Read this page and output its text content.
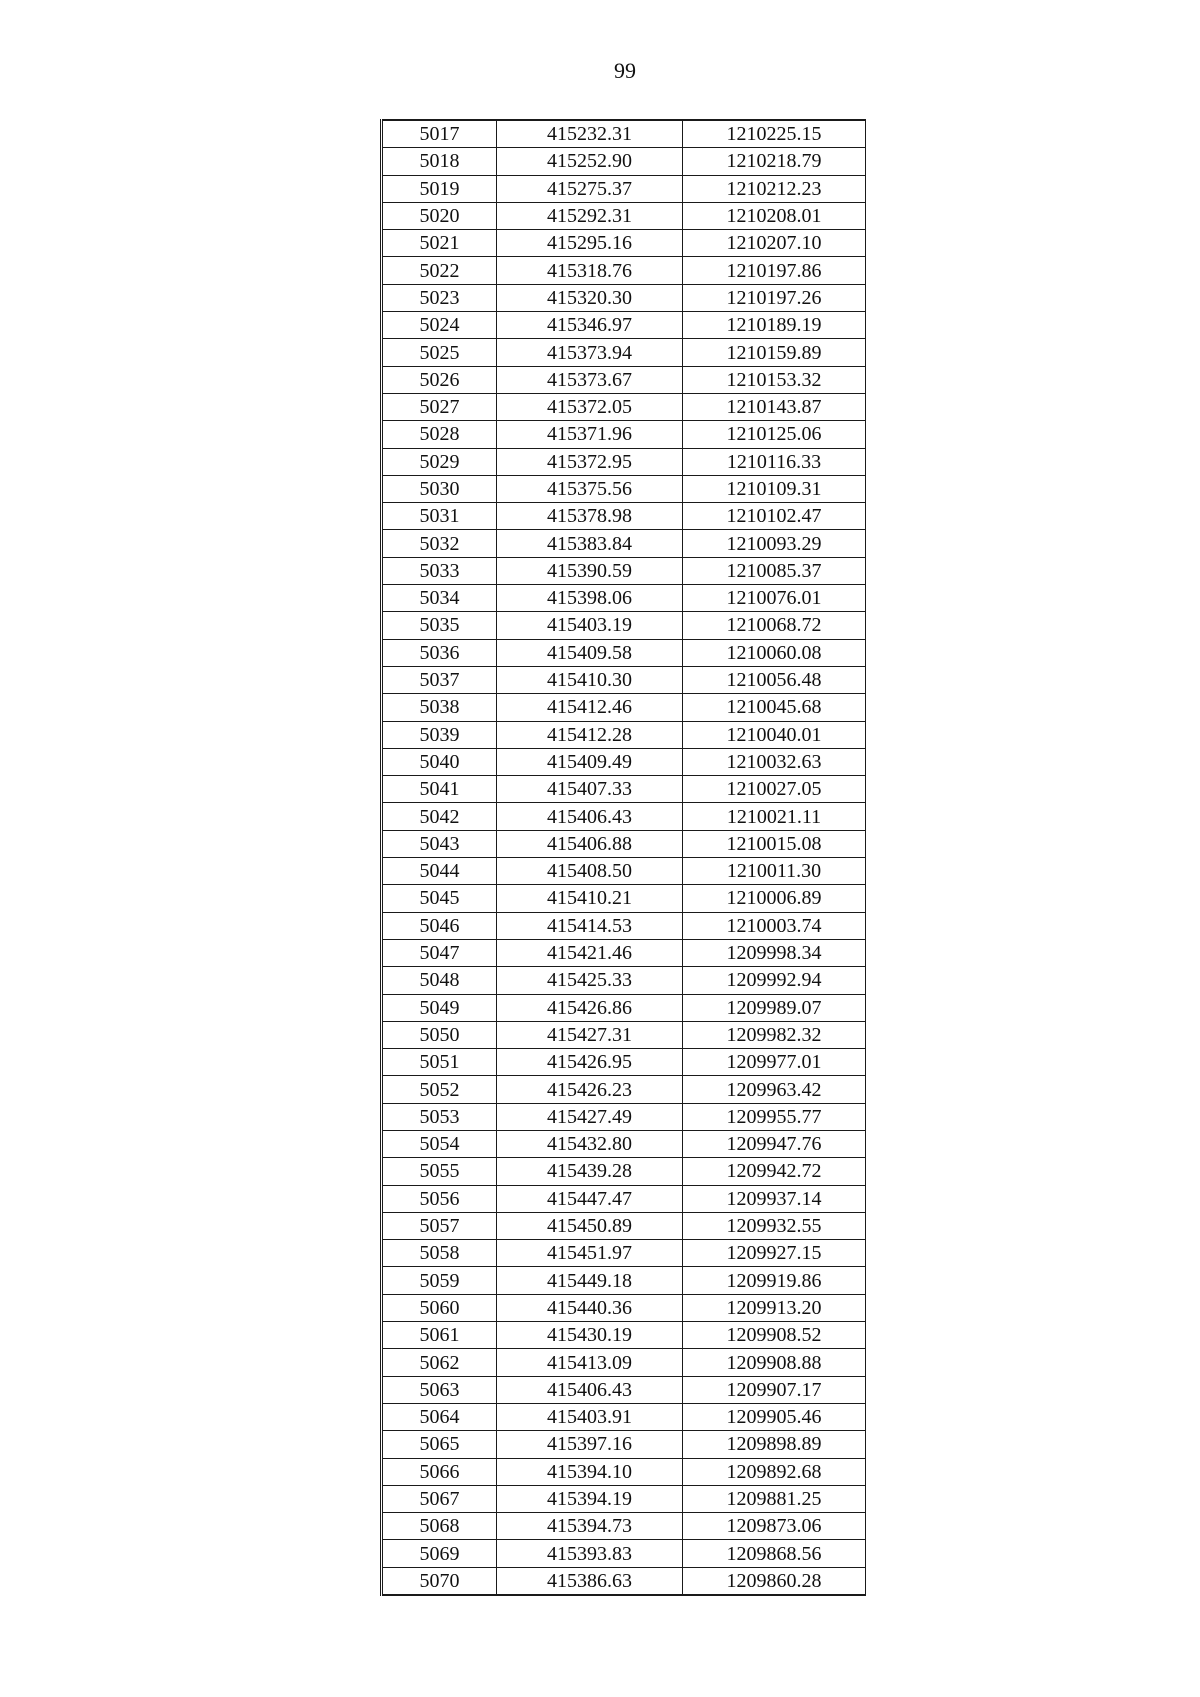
99
5017	415232.31	1210225.15
5018	415252.90	1210218.79
5019	415275.37	1210212.23
5020	415292.31	1210208.01
5021	415295.16	1210207.10
5022	415318.76	1210197.86
5023	415320.30	1210197.26
5024	415346.97	1210189.19
5025	415373.94	1210159.89
5026	415373.67	1210153.32
5027	415372.05	1210143.87
5028	415371.96	1210125.06
5029	415372.95	1210116.33
5030	415375.56	1210109.31
5031	415378.98	1210102.47
5032	415383.84	1210093.29
5033	415390.59	1210085.37
5034	415398.06	1210076.01
5035	415403.19	1210068.72
5036	415409.58	1210060.08
5037	415410.30	1210056.48
5038	415412.46	1210045.68
5039	415412.28	1210040.01
5040	415409.49	1210032.63
5041	415407.33	1210027.05
5042	415406.43	1210021.11
5043	415406.88	1210015.08
5044	415408.50	1210011.30
5045	415410.21	1210006.89
5046	415414.53	1210003.74
5047	415421.46	1209998.34
5048	415425.33	1209992.94
5049	415426.86	1209989.07
5050	415427.31	1209982.32
5051	415426.95	1209977.01
5052	415426.23	1209963.42
5053	415427.49	1209955.77
5054	415432.80	1209947.76
5055	415439.28	1209942.72
5056	415447.47	1209937.14
5057	415450.89	1209932.55
5058	415451.97	1209927.15
5059	415449.18	1209919.86
5060	415440.36	1209913.20
5061	415430.19	1209908.52
5062	415413.09	1209908.88
5063	415406.43	1209907.17
5064	415403.91	1209905.46
5065	415397.16	1209898.89
5066	415394.10	1209892.68
5067	415394.19	1209881.25
5068	415394.73	1209873.06
5069	415393.83	1209868.56
5070	415386.63	1209860.28
